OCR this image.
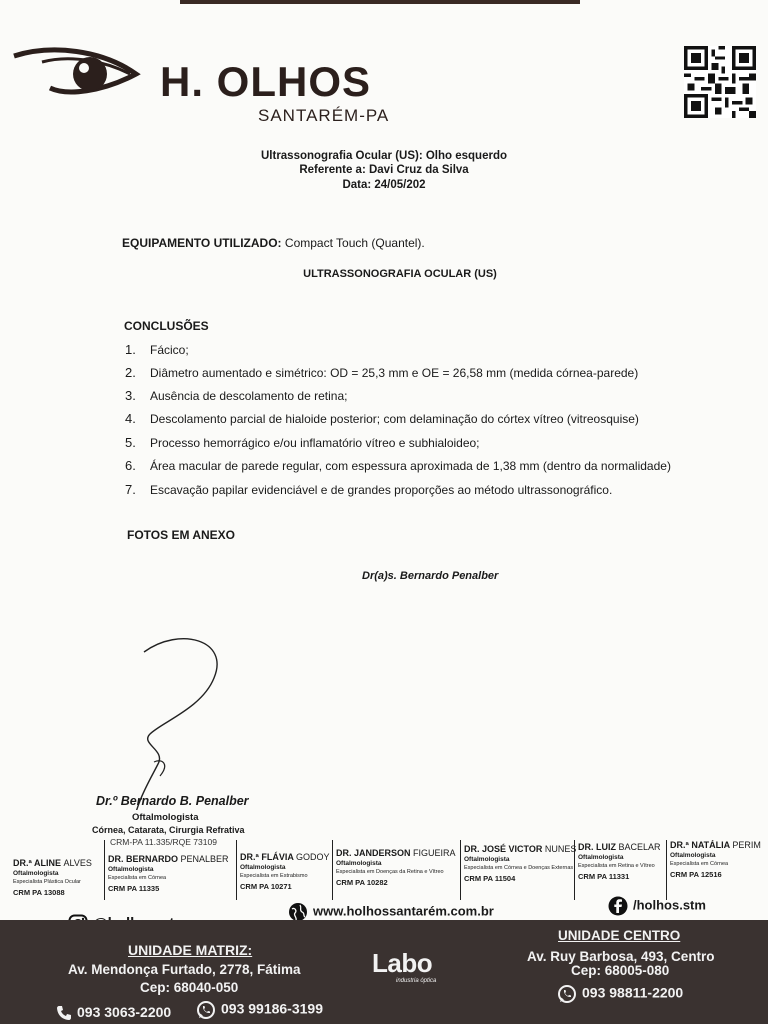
H. OLHOS
SANTARÉM-PA
Ultrassonografia Ocular (US): Olho esquerdo
Referente a: Davi Cruz da Silva
Data: 24/05/202
EQUIPAMENTO UTILIZADO: Compact Touch (Quantel).
ULTRASSONOGRAFIA OCULAR (US)
CONCLUSÕES
1. Fácico;
2. Diâmetro aumentado e simétrico: OD = 25,3 mm e OE = 26,58 mm (medida córnea-parede)
3. Ausência de descolamento de retina;
4. Descolamento parcial de hialoide posterior; com delaminação do córtex vítreo (vitreosquise)
5. Processo hemorrágico e/ou inflamatório vítreo e subhialoideo;
6. Área macular de parede regular, com espessura aproximada de 1,38 mm (dentro da normalidade)
7. Escavação papilar evidenciável e de grandes proporções ao método ultrassonográfico.
FOTOS EM ANEXO
Dr(a)s. Bernardo Penalber
Dr.º Bernardo B. Penalber
Oftalmologista
Córnea, Catarata, Cirurgia Refrativa
CRM-PA 11.335/RQE 73109
DR.ª ALINE ALVES
Oftalmologista
Especialista Plástica Ocular
CRM PA 13088
DR. BERNARDO PENALBER
Oftalmologista
Especialista em Córnea
CRM PA 11335
DR.ª FLÁVIA GODOY
Oftalmologista
Especialista em Estrabismo
CRM PA 10271
DR. JANDERSON FIGUEIRA
Oftalmologista
Especialista em Doenças da Retina e Vítreo
CRM PA 10282
DR. JOSÉ VICTOR NUNES
Oftalmologista
Especialista em Córnea e Doenças Externas
CRM PA 11504
DR. LUIZ BACELAR
Oftalmologista
Especialista em Retina e Vítreo
CRM PA 11331
DR.ª NATÁLIA PERIM
Oftalmologista
Especialista em Córnea
CRM PA 12516
www.holhossantarém.com.br	/holhos.stm
UNIDADE MATRIZ:
Av. Mendonça Furtado, 2778, Fátima
Cep: 68040-050
093 3063-2200	093 99186-3199
Labo
industria óptica
UNIDADE CENTRO
Av. Ruy Barbosa, 493, Centro
Cep: 68005-080
093 98811-2200
